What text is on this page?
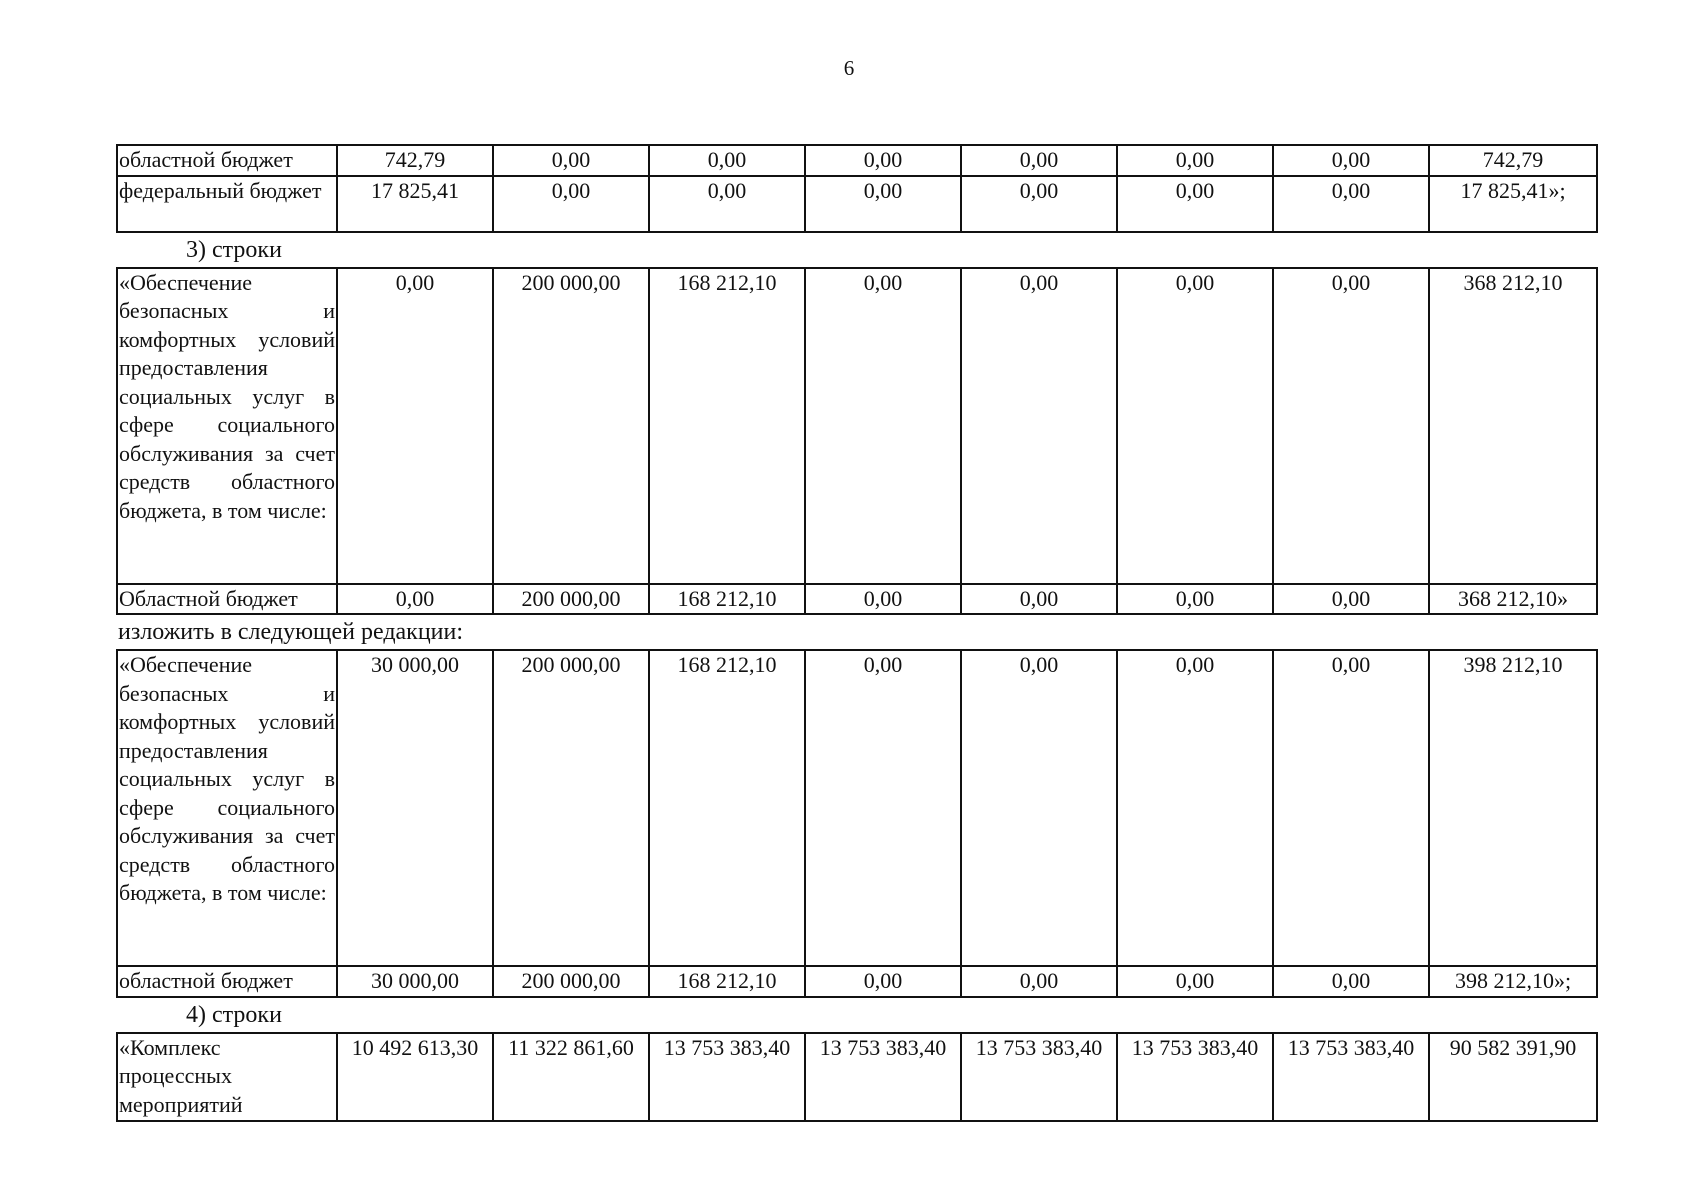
6
областной бюджет	742,79	0,00	0,00	0,00	0,00	0,00	0,00	742,79
федеральный бюджет	17 825,41	0,00	0,00	0,00	0,00	0,00	0,00	17 825,41»;
3) строки
«Обеспечение безопасных и комфортных условий предоставления социальных услуг в сфере социального обслуживания за счет средств областного бюджета, в том числе:	0,00	200 000,00	168 212,10	0,00	0,00	0,00	0,00	368 212,10
Областной бюджет	0,00	200 000,00	168 212,10	0,00	0,00	0,00	0,00	368 212,10»
изложить в следующей редакции:
«Обеспечение безопасных и комфортных условий предоставления социальных услуг в сфере социального обслуживания за счет средств областного бюджета, в том числе:	30 000,00	200 000,00	168 212,10	0,00	0,00	0,00	0,00	398 212,10
областной бюджет	30 000,00	200 000,00	168 212,10	0,00	0,00	0,00	0,00	398 212,10»;
4) строки
«Комплекс процессных мероприятий	10 492 613,30	11 322 861,60	13 753 383,40	13 753 383,40	13 753 383,40	13 753 383,40	13 753 383,40	90 582 391,90
